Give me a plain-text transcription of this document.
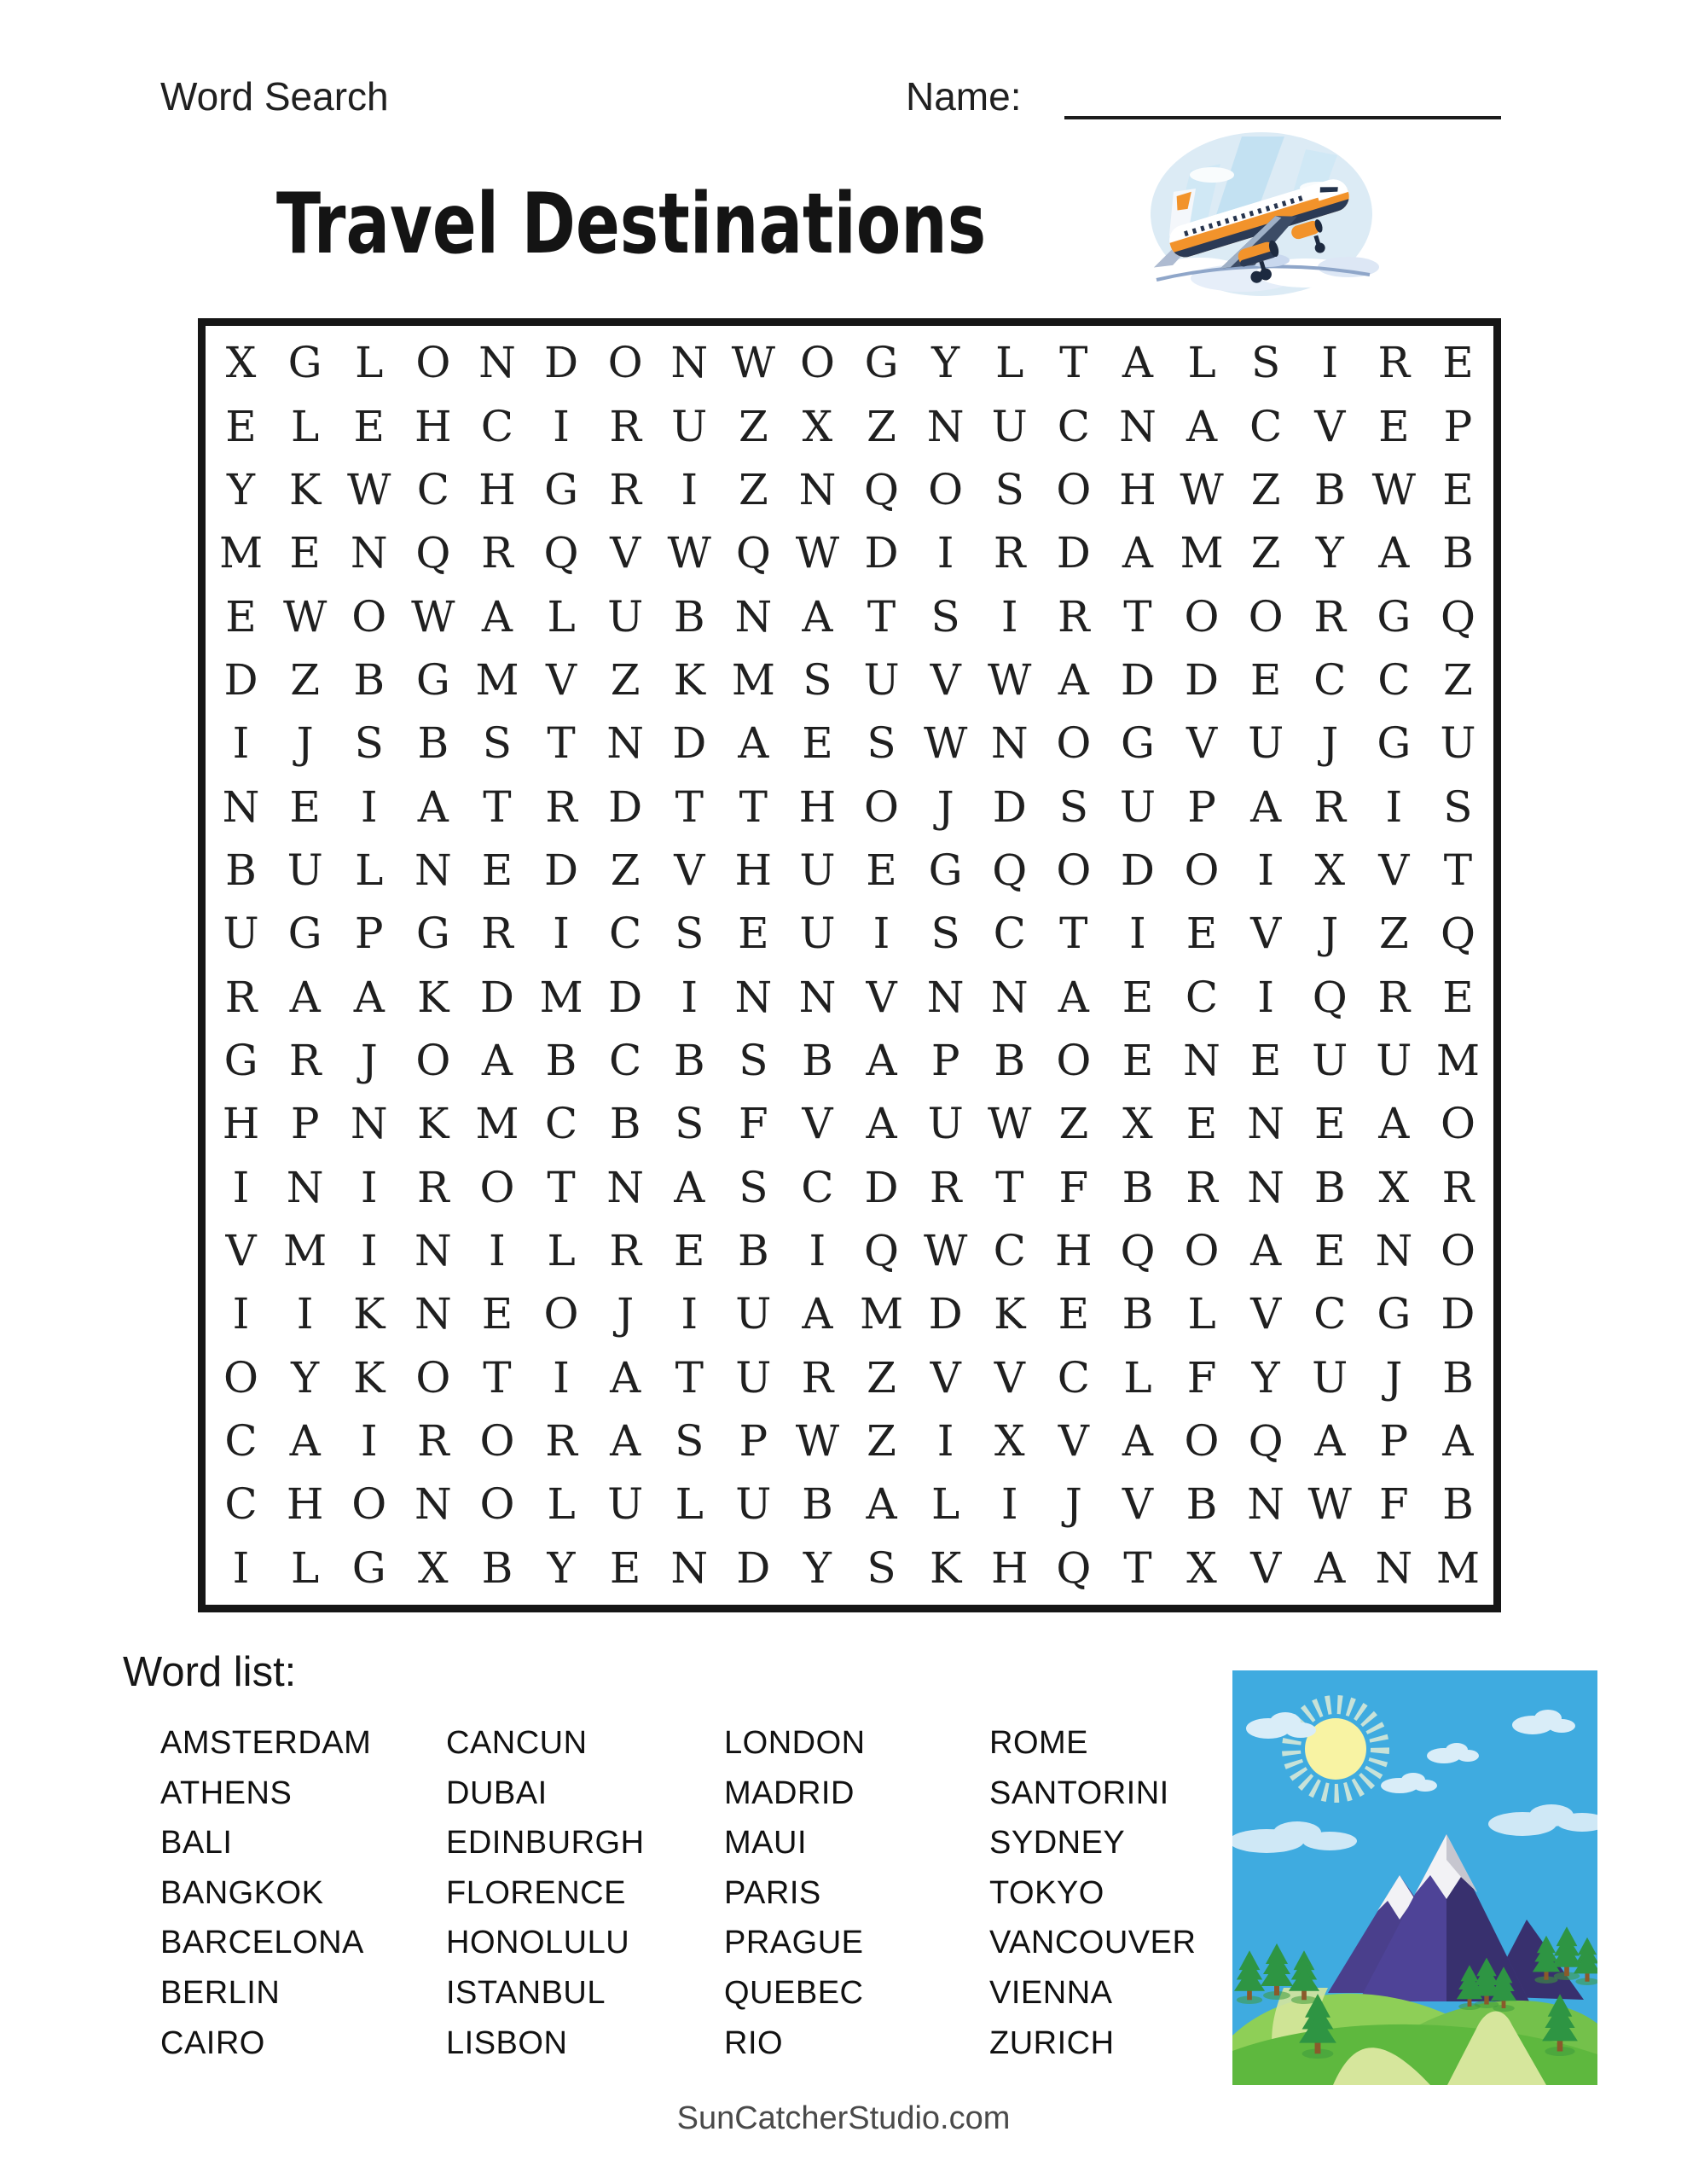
Word Search	Name:
Travel Destinations
X G L O N D O N W O G Y L T A L S I R E
E L E H C I R U Z X Z N U C N A C V E P
Y K W C H G R I Z N Q O S O H W Z B W E
M E N Q R Q V W Q W D I R D A M Z Y A B
E W O W A L U B N A T S I R T O O R G Q
D Z B G M V Z K M S U V W A D D E C C Z
I	J S B S T N D A E S W N O G V U J G U
N E I A T R D T T H O J D S U P A R I S
B U L N E D Z V H U E G Q O D O I X V T
U G P G R I C S E U I S C T I E V J Z Q
R A A K D M D I N N V N N A E C I Q R E
G R J O A B C B S B A P B O E N E U U M
H P N K M C B S F V A U W Z X E N E A O
I N I R O T N A S C D R T F B R N B X R
V M I N I L R E B I Q W C H Q O A E N O
I	I K N E O J	I U A M D K E B L V C G D
O Y K O T I A T U R Z V V C L F Y U J B
C A I R O R A S P W Z I X V A O Q A P A
C H O N O L U L U B A L I	J V B N W F B
I L G X B Y E N D Y S K H Q T X V A N M
Word list:
AMSTERDAM
ATHENS
BALI
BANGKOK
BARCELONA
BERLIN
CAIRO
CANCUN
DUBAI
EDINBURGH
FLORENCE
HONOLULU
ISTANBUL
LISBON
LONDON
MADRID
MAUI
PARIS
PRAGUE
QUEBEC
RIO
ROME
SANTORINI
SYDNEY
TOKYO
VANCOUVER
VIENNA
ZURICH
SunCatcherStudio.com
